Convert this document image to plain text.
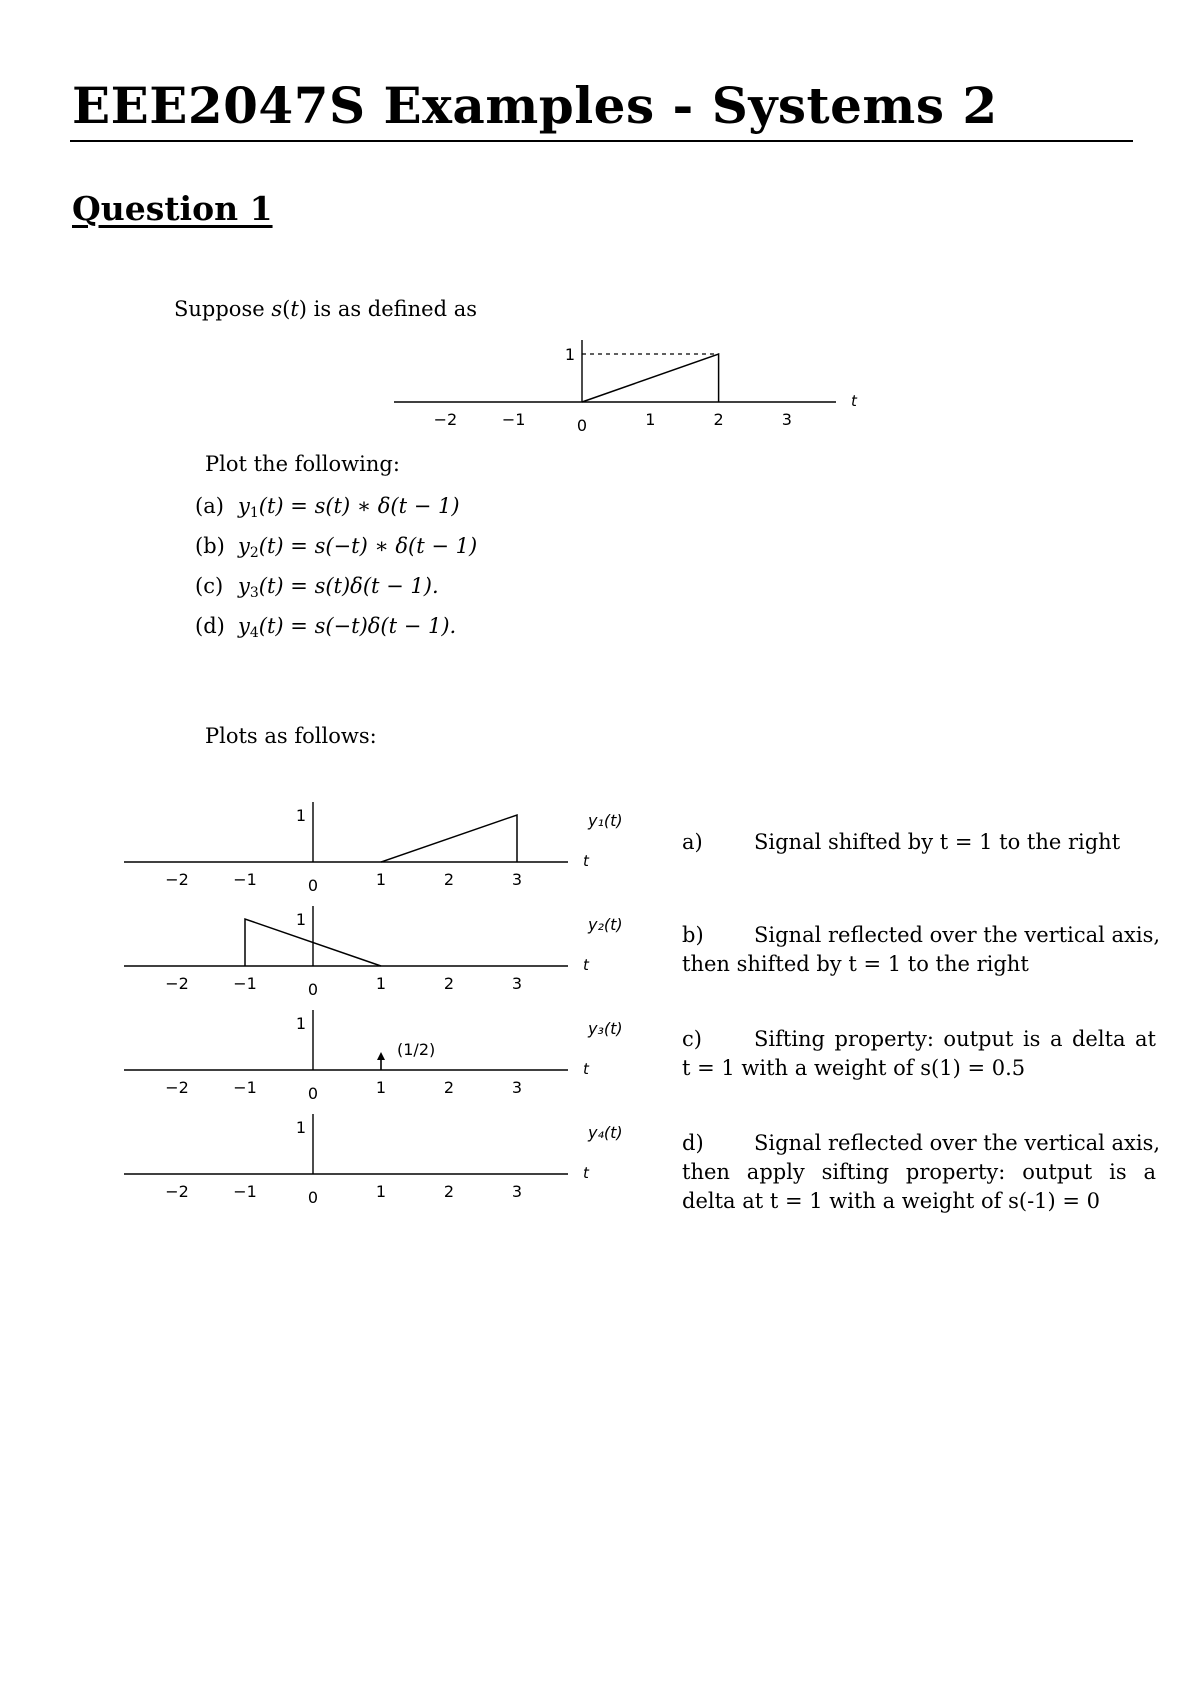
EEE2047S Examples - Systems 2
Question 1
Suppose s(t) is as defined as
−2	−1	0	1	2	3
1
t
−2	−1	0	1	2	3
1
t
y₁(t)
−2	−1	0	1	2	3
1
t
y₂(t)
−2	−1	0	1	2	3
1
t
y₃(t)
(1/2)
−2	−1	0	1	2	3
1
t
y₄(t)
Plot the following:
(a) $y_1(t) = s(t)$ ∗ δ(t − 1)
(b) $y_2(t) = s(-t)$ ∗ δ(t − 1)
(c) $y_3(t) = s(t)\delta(t - 1)$.
(d) $y_4(t) = s(-t)\delta(t - 1)$.
Plots as follows:
a) Signal shifted by t = 1 to the right
b) Signal reflected over the vertical axis,
then shifted by t = 1 to the right
c) Sifting property: output is a delta at
t = 1 with a weight of s(1) = 0.5
d) Signal reflected over the vertical axis,
then apply sifting property: output is a
delta at t = 1 with a weight of s(-1) = 0
